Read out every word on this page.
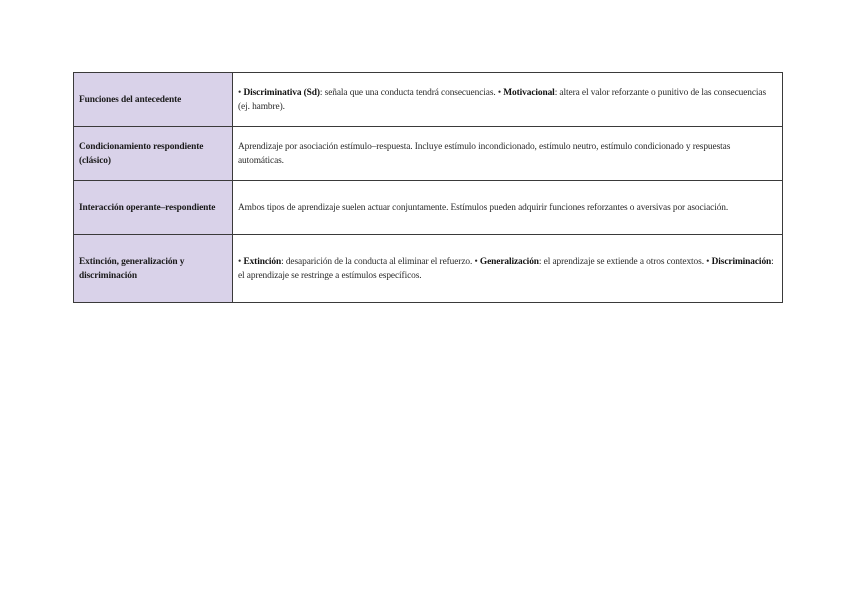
Funciones del antecedente	• Discriminativa (Sd): señala que una conducta tendrá consecuencias. • Motivacional: altera el valor reforzante o punitivo de las consecuencias (ej. hambre).
Condicionamiento respondiente (clásico)	Aprendizaje por asociación estímulo–respuesta. Incluye estímulo incondicionado, estímulo neutro, estímulo condicionado y respuestas automáticas.
Interacción operante–respondiente	Ambos tipos de aprendizaje suelen actuar conjuntamente. Estímulos pueden adquirir funciones reforzantes o aversivas por asociación.
Extinción, generalización y discriminación	• Extinción: desaparición de la conducta al eliminar el refuerzo. • Generalización: el aprendizaje se extiende a otros contextos. • Discriminación: el aprendizaje se restringe a estímulos específicos.
